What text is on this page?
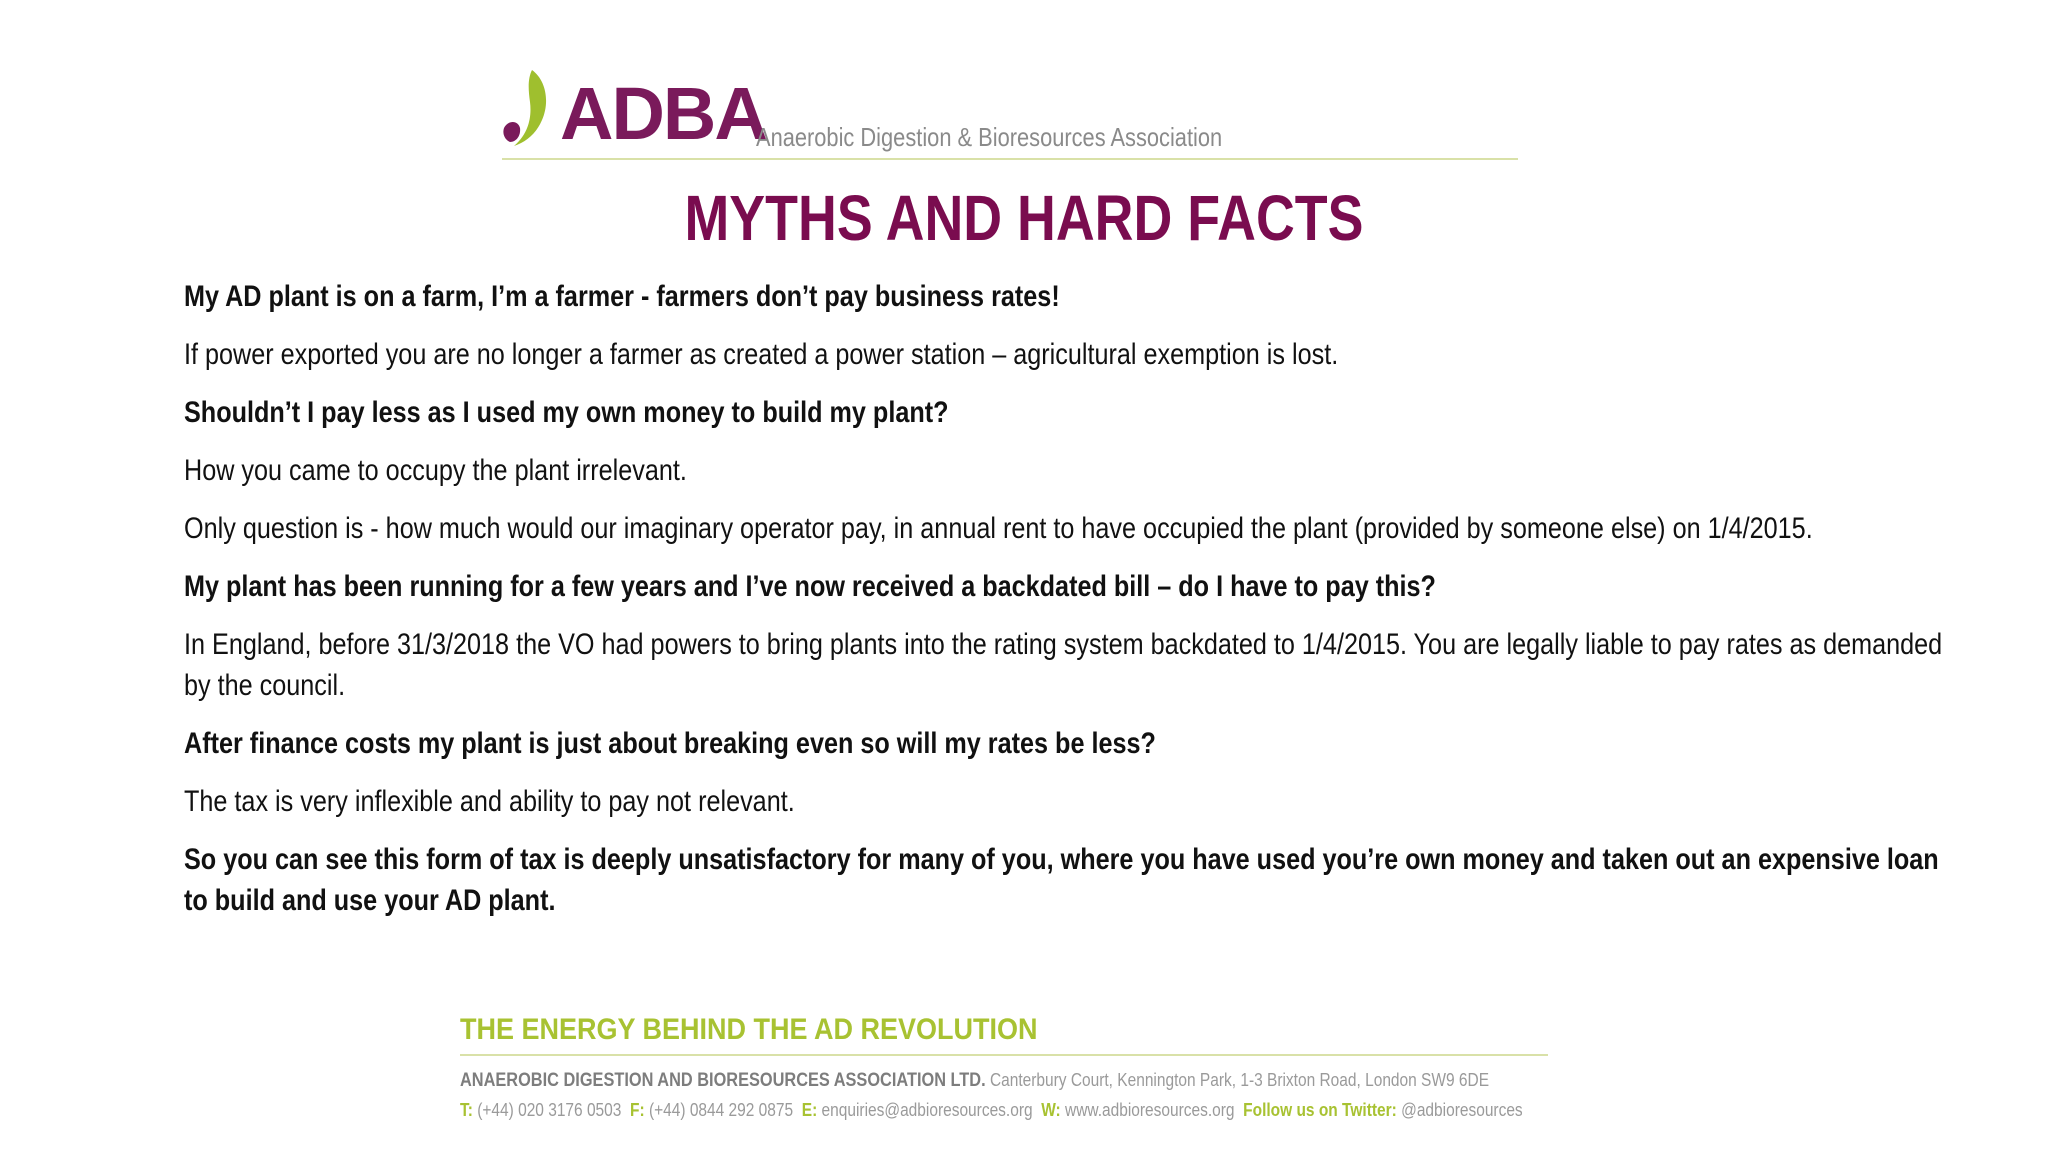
ADBA
Anaerobic Digestion & Bioresources Association
MYTHS AND HARD FACTS

My AD plant is on a farm, I’m a farmer - farmers don’t pay business rates!

If power exported you are no longer a farmer as created a power station – agricultural exemption is lost.

Shouldn’t I pay less as I used my own money to build my plant?

How you came to occupy the plant irrelevant.

Only question is - how much would our imaginary operator pay, in annual rent to have occupied the plant (provided by someone else) on 1/4/2015.

My plant has been running for a few years and I’ve now received a backdated bill – do I have to pay this?

In England, before 31/3/2018 the VO had powers to bring plants into the rating system backdated to 1/4/2015. You are legally liable to pay rates as demanded by the council.

After finance costs my plant is just about breaking even so will my rates be less?

The tax is very inflexible and ability to pay not relevant.

So you can see this form of tax is deeply unsatisfactory for many of you, where you have used you’re own money and taken out an expensive loan to build and use your AD plant.

THE ENERGY BEHIND THE AD REVOLUTION
ANAEROBIC DIGESTION AND BIORESOURCES ASSOCIATION LTD. Canterbury Court, Kennington Park, 1-3 Brixton Road, London SW9 6DE
T: (+44) 020 3176 0503 F: (+44) 0844 292 0875 E: enquiries@adbioresources.org W: www.adbioresources.org Follow us on Twitter: @adbioresources
